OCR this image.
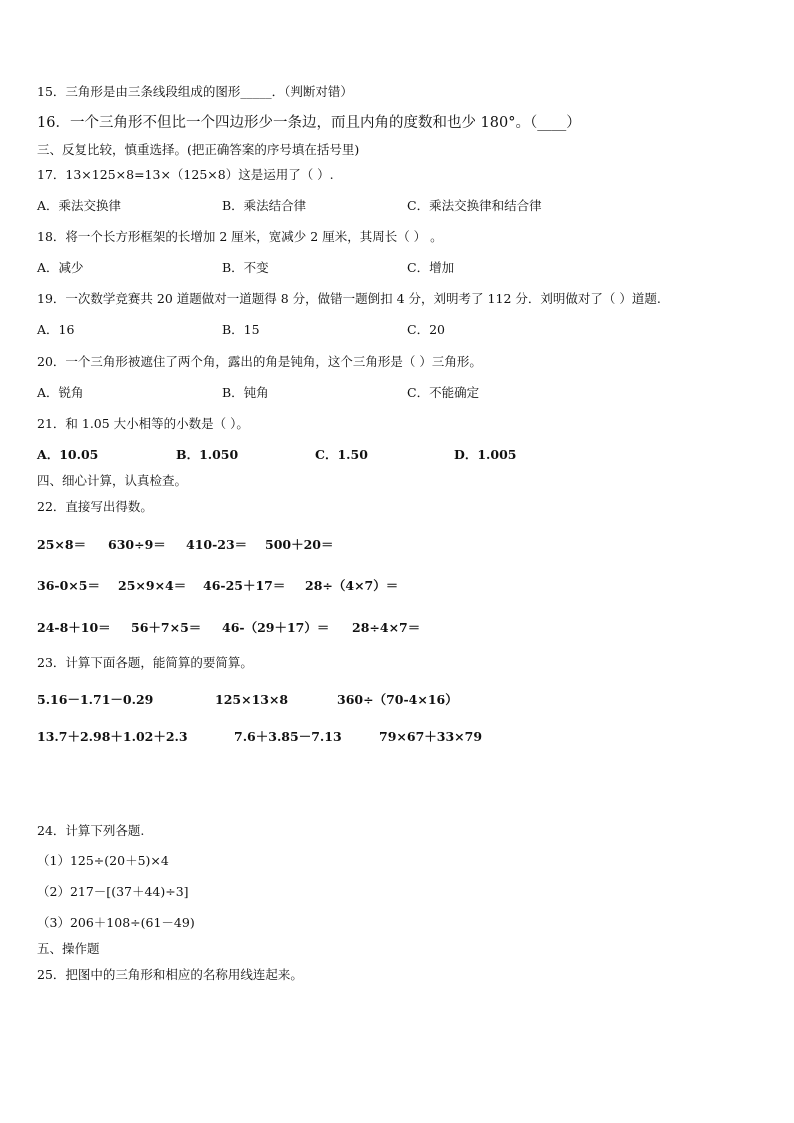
15．三角形是由三条线段组成的图形_____．（判断对错）
16．一个三角形不但比一个四边形少一条边，而且内角的度数和也少 180°。（____）
三、反复比较，慎重选择。(把正确答案的序号填在括号里)
17．13×125×8=13×（125×8）这是运用了（ ）.
A．乘法交换律	B．乘法结合律	C．乘法交换律和结合律
18．将一个长方形框架的长增加 2 厘米，宽减少 2 厘米，其周长（ ） 。
A．减少	B．不变	C．增加
19．一次数学竞赛共 20 道题做对一道题得 8 分，做错一题倒扣 4 分，刘明考了 112 分．刘明做对了（ ）道题.
A．16	B．15	C．20
20．一个三角形被遮住了两个角，露出的角是钝角，这个三角形是（ ）三角形。
A．锐角	B．钝角	C．不能确定
21．和 1.05 大小相等的小数是（ ）。
A．10.05	B．1.050	C．1.50	D．1.005
四、细心计算，认真检查。
22．直接写出得数。
25×8＝ 630÷9＝ 410-23＝ 500＋20＝
36-0×5＝ 25×9×4＝ 46-25＋17＝ 28÷（4×7）＝
24-8＋10＝ 56＋7×5＝ 46-（29＋17）＝ 28÷4×7＝
23．计算下面各题，能简算的要简算。
5.16－1.71－0.29	125×13×8	360÷（70-4×16）
13.7＋2.98＋1.02＋2.3	7.6＋3.85－7.13	79×67＋33×79
24．计算下列各题.
（1）125÷(20＋5)×4
（2）217－[(37＋44)÷3]
（3）206＋108÷(61－49)
五、操作题
25．把图中的三角形和相应的名称用线连起来。
